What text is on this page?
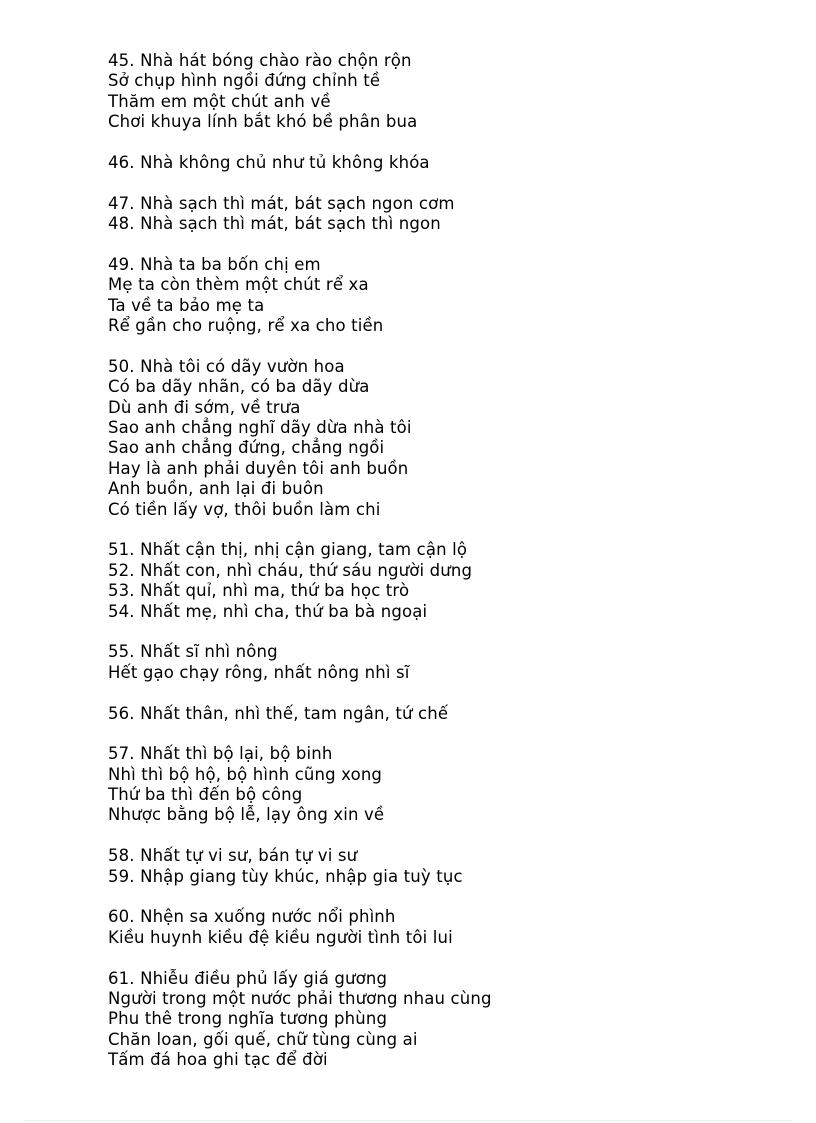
45. Nhà hát bóng chào rào chộn rộn
Sở chụp hình ngồi đứng chỉnh tề
Thăm em một chút anh về
Chơi khuya lính bắt khó bề phân bua
46. Nhà không chủ như tủ không khóa
47. Nhà sạch thì mát, bát sạch ngon cơm
48. Nhà sạch thì mát, bát sạch thì ngon
49. Nhà ta ba bốn chị em
Mẹ ta còn thèm một chút rể xa
Ta về ta bảo mẹ ta
Rể gần cho ruộng, rể xa cho tiền
50. Nhà tôi có dãy vườn hoa
Có ba dãy nhãn, có ba dãy dừa
Dù anh đi sớm, về trưa
Sao anh chẳng nghĩ dãy dừa nhà tôi
Sao anh chẳng đứng, chẳng ngồi
Hay là anh phải duyên tôi anh buồn
Anh buồn, anh lại đi buôn
Có tiền lấy vợ, thôi buồn làm chi
51. Nhất cận thị, nhị cận giang, tam cận lộ
52. Nhất con, nhì cháu, thứ sáu người dưng
53. Nhất quỉ, nhì ma, thứ ba học trò
54. Nhất mẹ, nhì cha, thứ ba bà ngoại
55. Nhất sĩ nhì nông
Hết gạo chạy rông, nhất nông nhì sĩ
56. Nhất thân, nhì thế, tam ngân, tứ chế
57. Nhất thì bộ lại, bộ binh
Nhì thì bộ hộ, bộ hình cũng xong
Thứ ba thì đến bộ công
Nhược bằng bộ lễ, lạy ông xin về
58. Nhất tự vi sư, bán tự vi sư
59. Nhập giang tùy khúc, nhập gia tuỳ tục
60. Nhện sa xuống nước nổi phình
Kiều huynh kiều đệ kiều người tình tôi lui
61. Nhiễu điều phủ lấy giá gương
Người trong một nước phải thương nhau cùng
Phu thê trong nghĩa tương phùng
Chăn loan, gối quế, chữ tùng cùng ai
Tấm đá hoa ghi tạc để đời
